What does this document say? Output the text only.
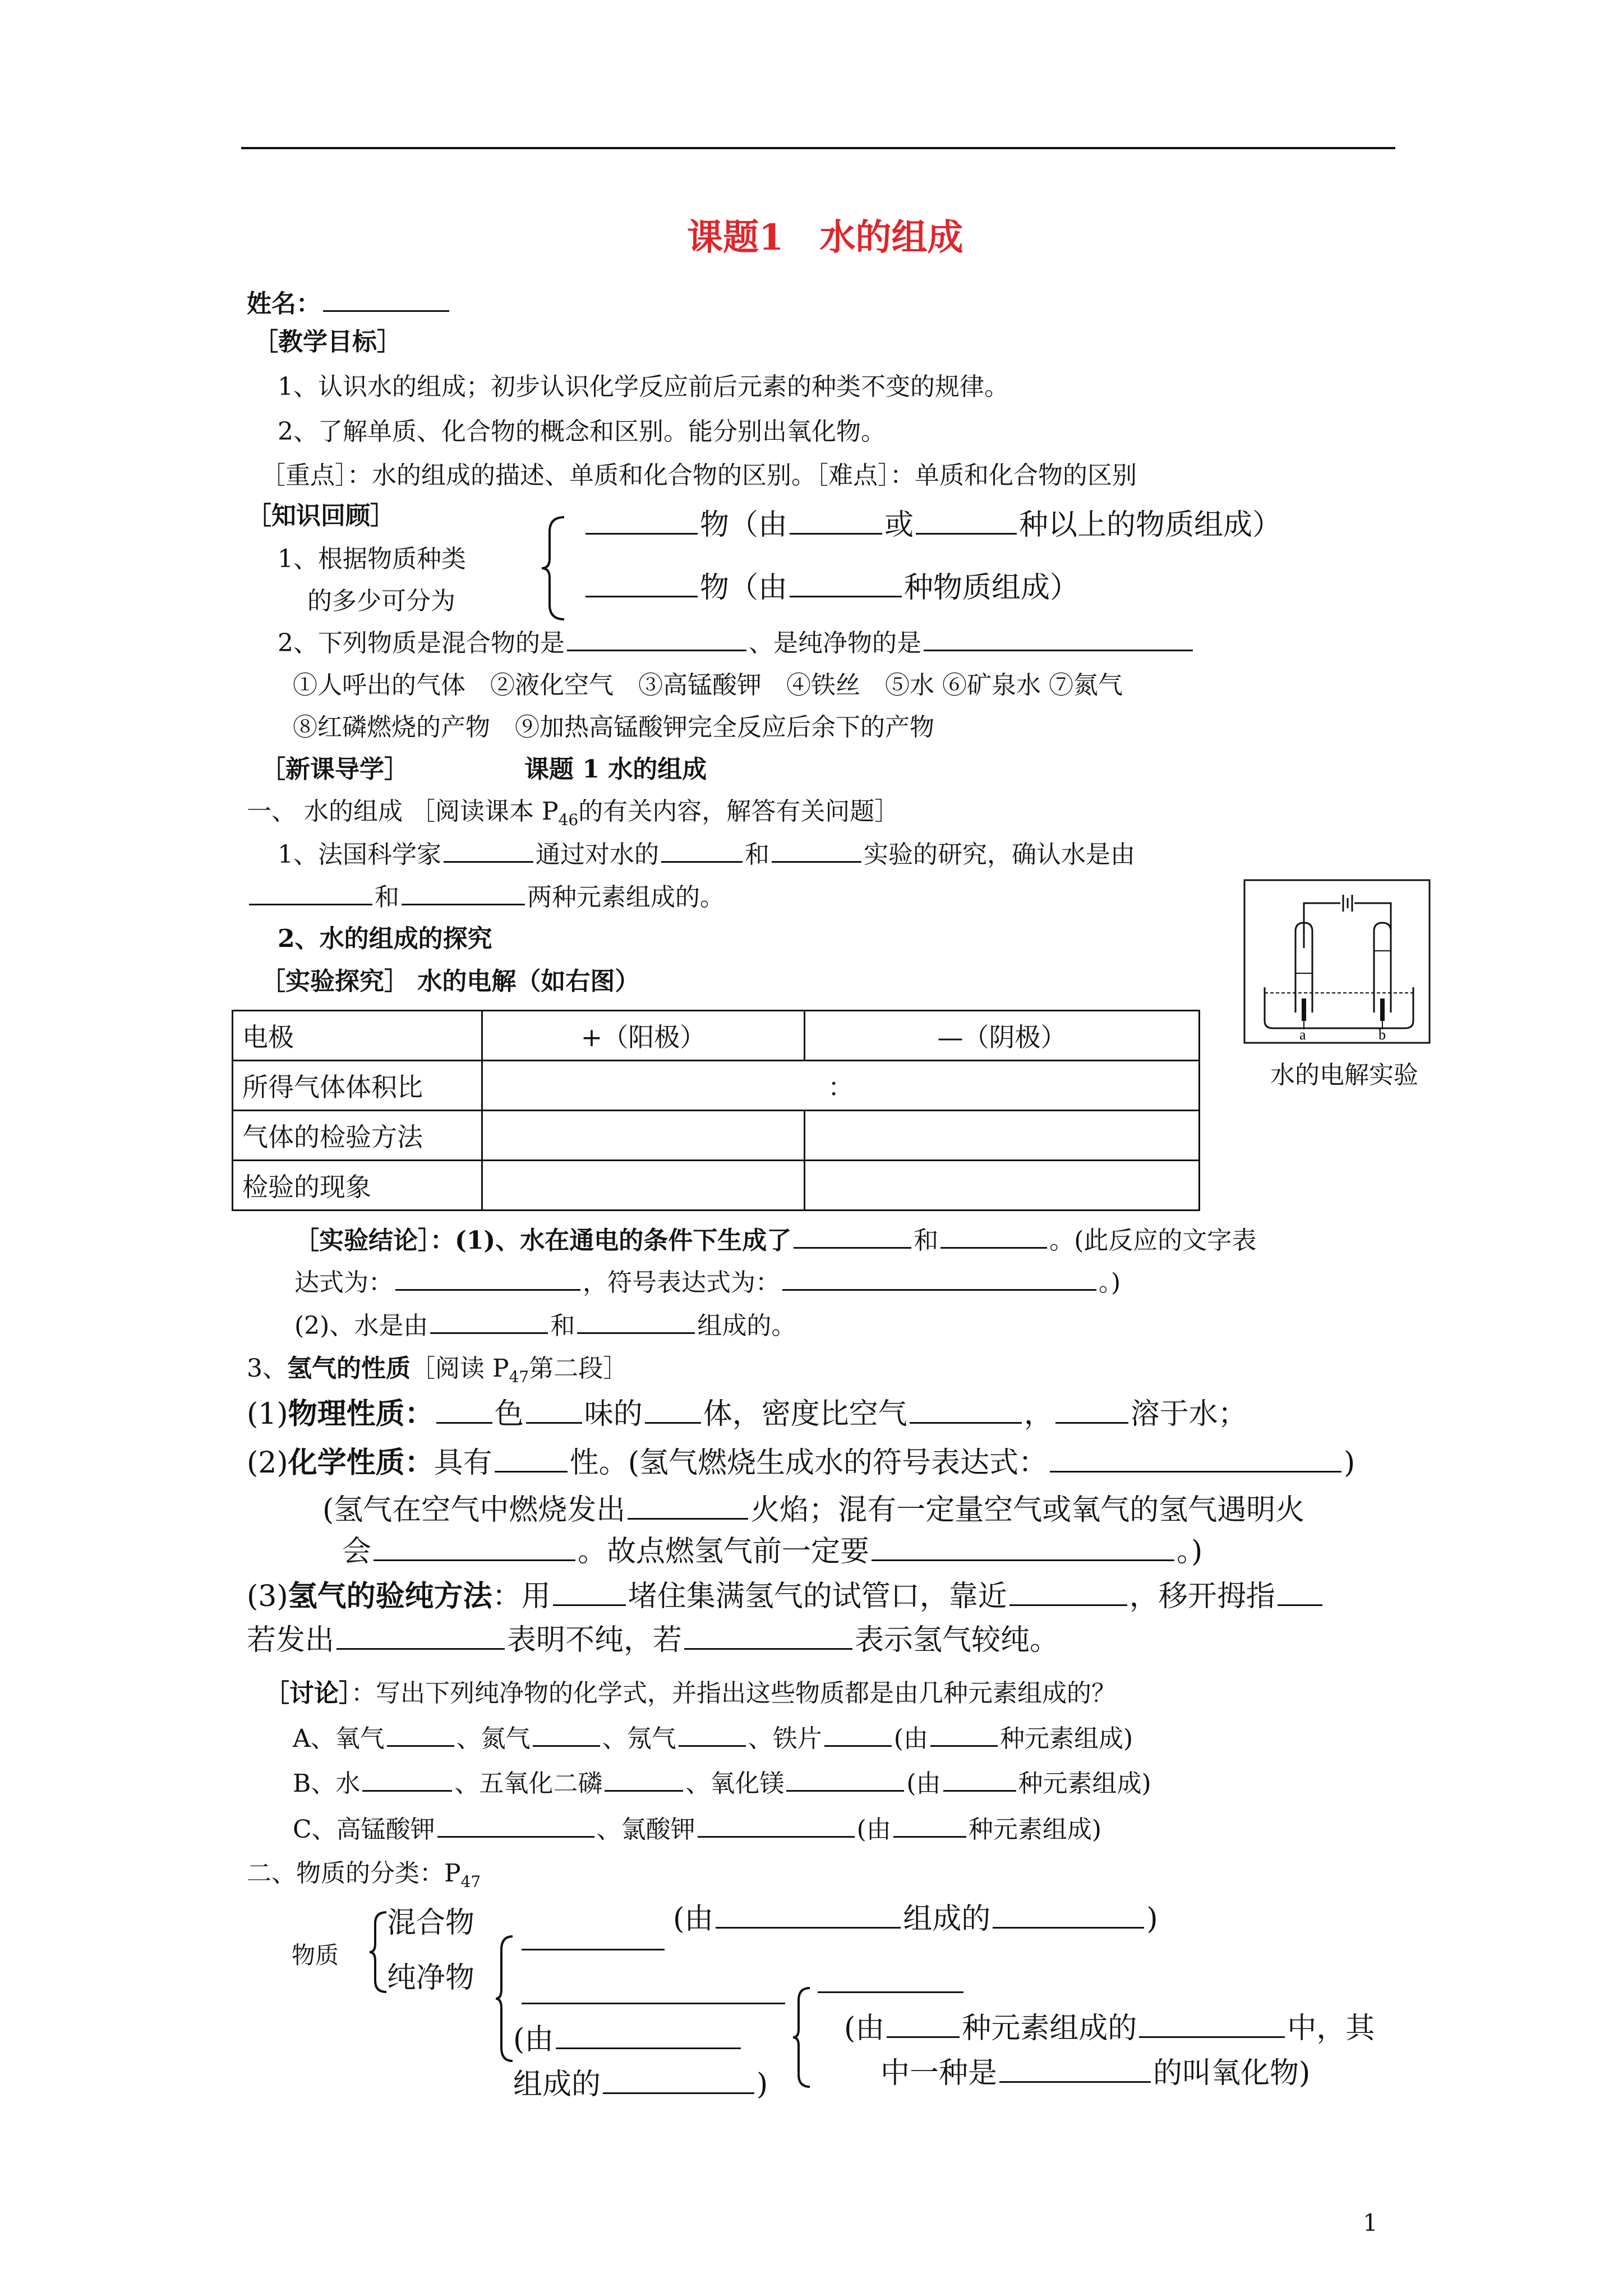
课题1　水的组成
姓名：
［教学目标］
1、认识水的组成；初步认识化学反应前后元素的种类不变的规律。
2、了解单质、化合物的概念和区别。能分别出氧化物。
［重点］：水的组成的描述、单质和化合物的区别。［难点］：单质和化合物的区别
［知识回顾］
1、根据物质种类
的多少可分为
物（由	或	种以上的物质组成）
物（由	种物质组成）
2、下列物质是混合物的是	、是纯净物的是
①人呼出的气体　②液化空气　③高锰酸钾　④铁丝　⑤水 ⑥矿泉水 ⑦氮气
⑧红磷燃烧的产物　⑨加热高锰酸钾完全反应后余下的产物
［新课导学］	课题 1 水的组成
一、 水的组成 ［阅读课本 $P_{46}$的有关内容，解答有关问题］
1、法国科学家	通过对水的	和	实验的研究，确认水是由
和	两种元素组成的。
2、水的组成的探究
［实验探究］ 水的电解（如右图）
a	b
水的电解实验
电极	+（阳极）	—（阴极）
所得气体体积比	：	
气体的检验方法		
检验的现象		
［实验结论］：(1)、水在通电的条件下生成了	和	。(此反应的文字表
达式为：	，符号表达式为：	。)
(2)、水是由	和	组成的。
3、氢气的性质［阅读 $P_{47}$第二段］
(1)物理性质： 色 味的 体，密度比空气	，	溶于水；
(2)化学性质：具有	性。(氢气燃烧生成水的符号表达式：	)
(氢气在空气中燃烧发出	火焰；混有一定量空气或氧气的氢气遇明火
会	。故点燃氢气前一定要	。)
(3)氢气的验纯方法：用	堵住集满氢气的试管口，靠近	，移开拇指
若发出	表明不纯，若	表示氢气较纯。
［讨论］：写出下列纯净物的化学式，并指出这些物质都是由几种元素组成的？
A、氧气	、氮气	、氖气	、铁片	(由	种元素组成)
B、水	、五氧化二磷	、氧化镁	(由	种元素组成)
C、高锰酸钾	、氯酸钾	(由	种元素组成)
二、物质的分类：$P_{47}$
物质
混合物	(由	组成的	)
纯净物
(由
组成的	)
(由	种元素组成的	中，其
中一种是	的叫氧化物)
1
